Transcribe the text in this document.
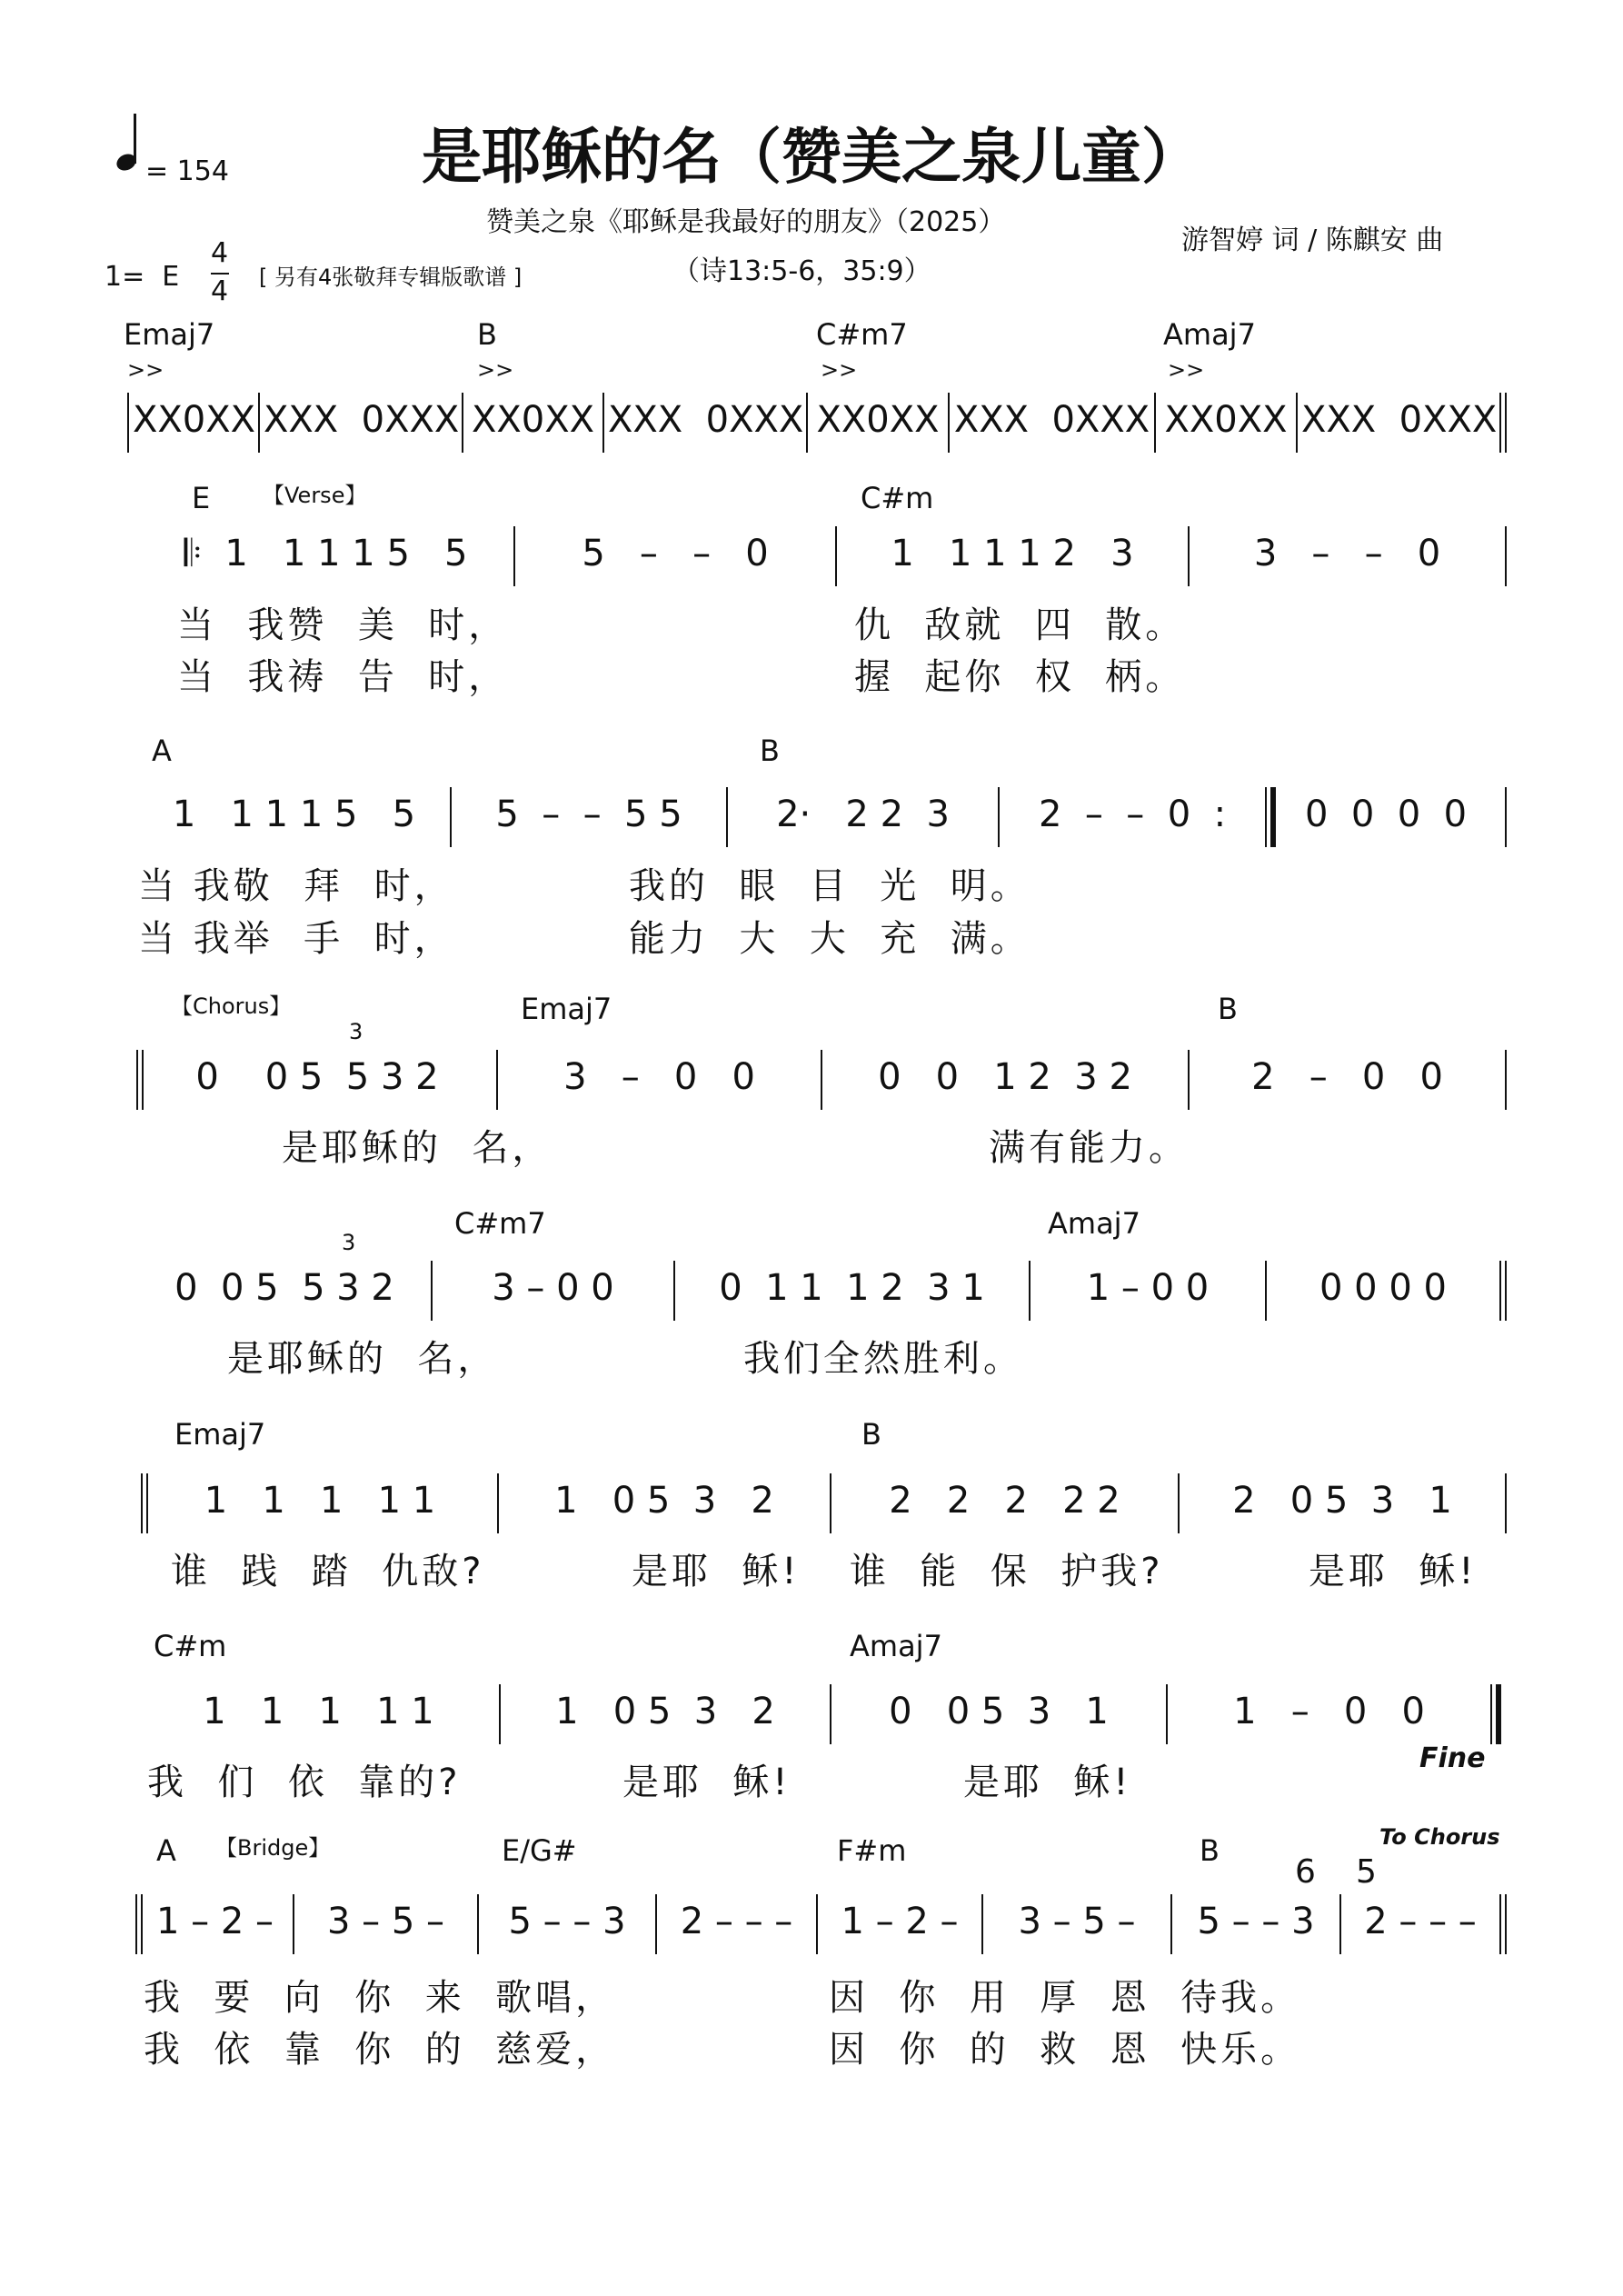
= 154	是耶稣的名（赞美之泉儿童）
赞美之泉《耶稣是我最好的朋友》（2025）
游智婷 词 / 陈麒安 曲
1=  E
4
4 [ 另有4张敬拜专辑版歌谱 ]	（诗13:5-6，35:9）
Emaj7	B	C#m7	Amaj7
>>	>>	>>	>>
XX0XX XXX  0XXX XX0XX XXX  0XXX XX0XX XXX  0XXX XX0XX XXX  0XXX
E	C#m
【Verse】
𝄆  1   1 1 1 5   5	5   –   –   0	1   1 1 1 2   3	3   –   –   0
当  我赞  美  时，	仇  敌就  四  散。
当  我祷  告  时，	握  起你  权  柄。
A	B
1   1 1 1 5   5	5  –  –  5 5	2·   2 2  3	2  –  –  0  :	0  0  0  0
当 我敬  拜  时，	我的  眼  目  光  明。
当 我举  手  时，	能力  大  大  充  满。
Emaj7	B
【Chorus】
0    0 5  5 3 2	3   –   0   0	0   0   1 2  3 2	2   –   0   0
是耶稣的  名，	满有能力。
3
C#m7	Amaj7
0  0 5  5 3 2	3 – 0 0	0  1 1  1 2  3 1	1 – 0 0	0 0 0 0
是耶稣的  名，	我们全然胜利。
3
Emaj7	B
1   1   1   1 1	1   0 5  3   2	2   2   2   2 2	2   0 5  3   1
谁  践  踏  仇敌?	是耶  稣! 谁  能  保  护我?	是耶  稣!
C#m	Amaj7
1   1   1   1 1	1   0 5  3   2	0   0 5  3   1	1   –   0   0
我  们  依  靠的?	是耶  稣!	是耶  稣!
Fine
A	E/G#	F#m	B
【Bridge】
1 – 2 –	3 – 5 –	5 – – 3	2 – – –	1 – 2 –	3 – 5 –	5 – – 3	2 – – –
我  要  向  你  来  歌唱，	因  你  用  厚  恩  待我。
我  依  靠  你  的  慈爱，	因  你  的  救  恩  快乐。
To Chorus
6 5
